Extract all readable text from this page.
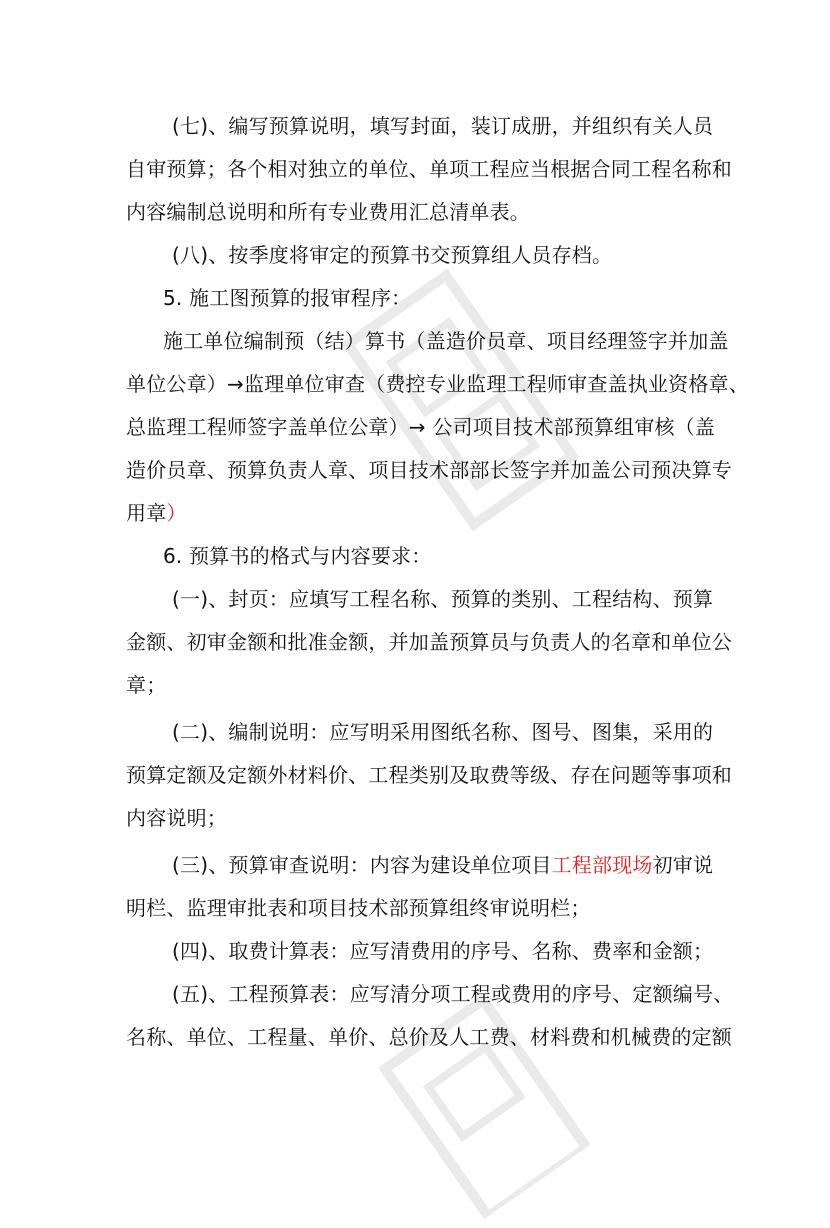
(七)、编写预算说明，填写封面，装订成册，并组织有关人员
自审预算；各个相对独立的单位、单项工程应当根据合同工程名称和
内容编制总说明和所有专业费用汇总清单表。
(八)、按季度将审定的预算书交预算组人员存档。
5. 施工图预算的报审程序：
施工单位编制预（结）算书（盖造价员章、项目经理签字并加盖
单位公章）→监理单位审查（费控专业监理工程师审查盖执业资格章、
总监理工程师签字盖单位公章）→ 公司项目技术部预算组审核（盖
造价员章、预算负责人章、项目技术部部长签字并加盖公司预决算专
用章）
6. 预算书的格式与内容要求：
(一)、封页：应填写工程名称、预算的类别、工程结构、预算
金额、初审金额和批准金额，并加盖预算员与负责人的名章和单位公
章；
(二)、编制说明：应写明采用图纸名称、图号、图集，采用的
预算定额及定额外材料价、工程类别及取费等级、存在问题等事项和
内容说明；
(三)、预算审查说明：内容为建设单位项目工程部现场初审说
明栏、监理审批表和项目技术部预算组终审说明栏；
(四)、取费计算表：应写清费用的序号、名称、费率和金额；
(五)、工程预算表：应写清分项工程或费用的序号、定额编号、
名称、单位、工程量、单价、总价及人工费、材料费和机械费的定额
